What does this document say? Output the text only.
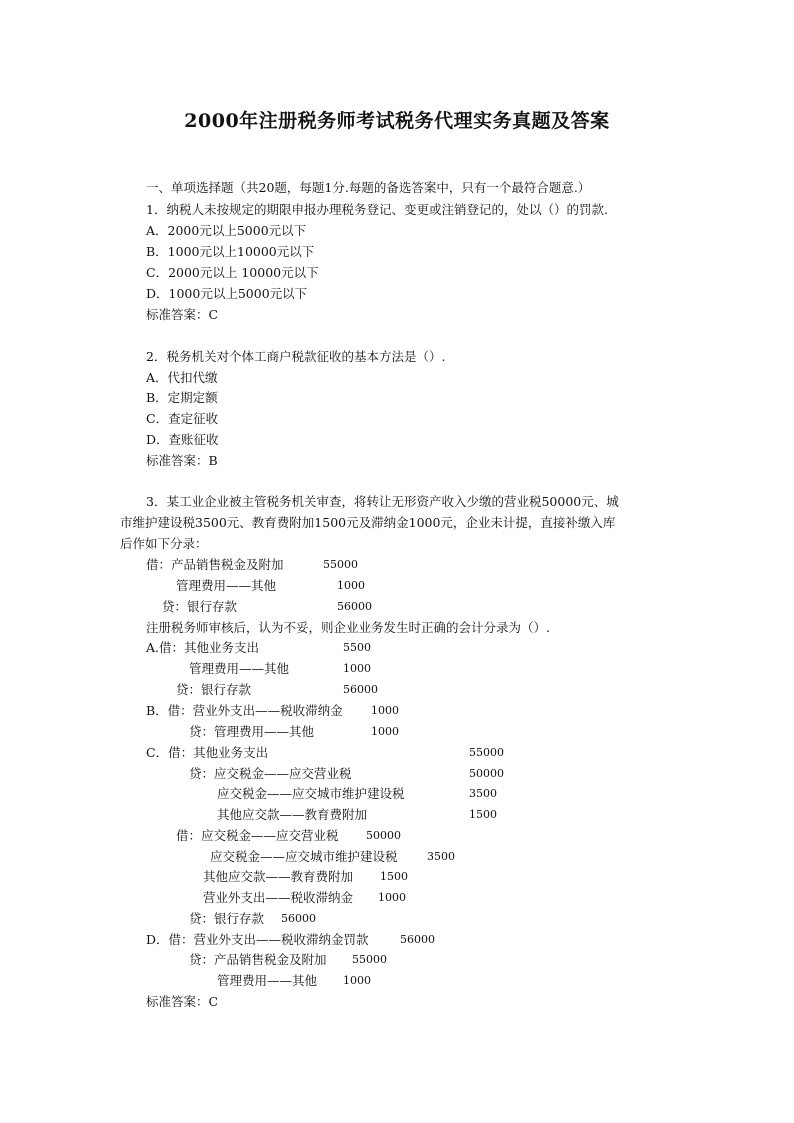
2000年注册税务师考试税务代理实务真题及答案
一、单项选择题（共20题，每题1分.每题的备选答案中，只有一个最符合题意.）
1．纳税人未按规定的期限申报办理税务登记、变更或注销登记的，处以（）的罚款.
A．2000元以上5000元以下
B．1000元以上10000元以下
C．2000元以上 10000元以下
D．1000元以上5000元以下
标准答案：C
2．税务机关对个体工商户税款征收的基本方法是（）.
A．代扣代缴
B．定期定额
C．查定征收
D．查账征收
标准答案：B
3．某工业企业被主管税务机关审查，将转让无形资产收入少缴的营业税50000元、城
市维护建设税3500元、教育费附加1500元及滞纳金1000元，企业未计提，直接补缴入库
后作如下分录：
借：产品销售税金及附加	55000
管理费用——其他	1000
贷：银行存款	56000
注册税务师审核后，认为不妥，则企业业务发生时正确的会计分录为（）.
A.借：其他业务支出	5500
管理费用——其他	1000
贷：银行存款	56000
B．借：营业外支出——税收滞纳金	1000
贷：管理费用——其他	1000
C．借：其他业务支出	55000
贷：应交税金——应交营业税	50000
应交税金——应交城市维护建设税	3500
其他应交款——教育费附加	1500
借：应交税金——应交营业税 50000
应交税金——应交城市维护建设税	3500
其他应交款——教育费附加 1500
营业外支出——税收滞纳金 1000
贷：银行存款 56000
D．借：营业外支出——税收滞纳金罚款	56000
贷：产品销售税金及附加 55000
管理费用——其他 1000
标准答案：C
